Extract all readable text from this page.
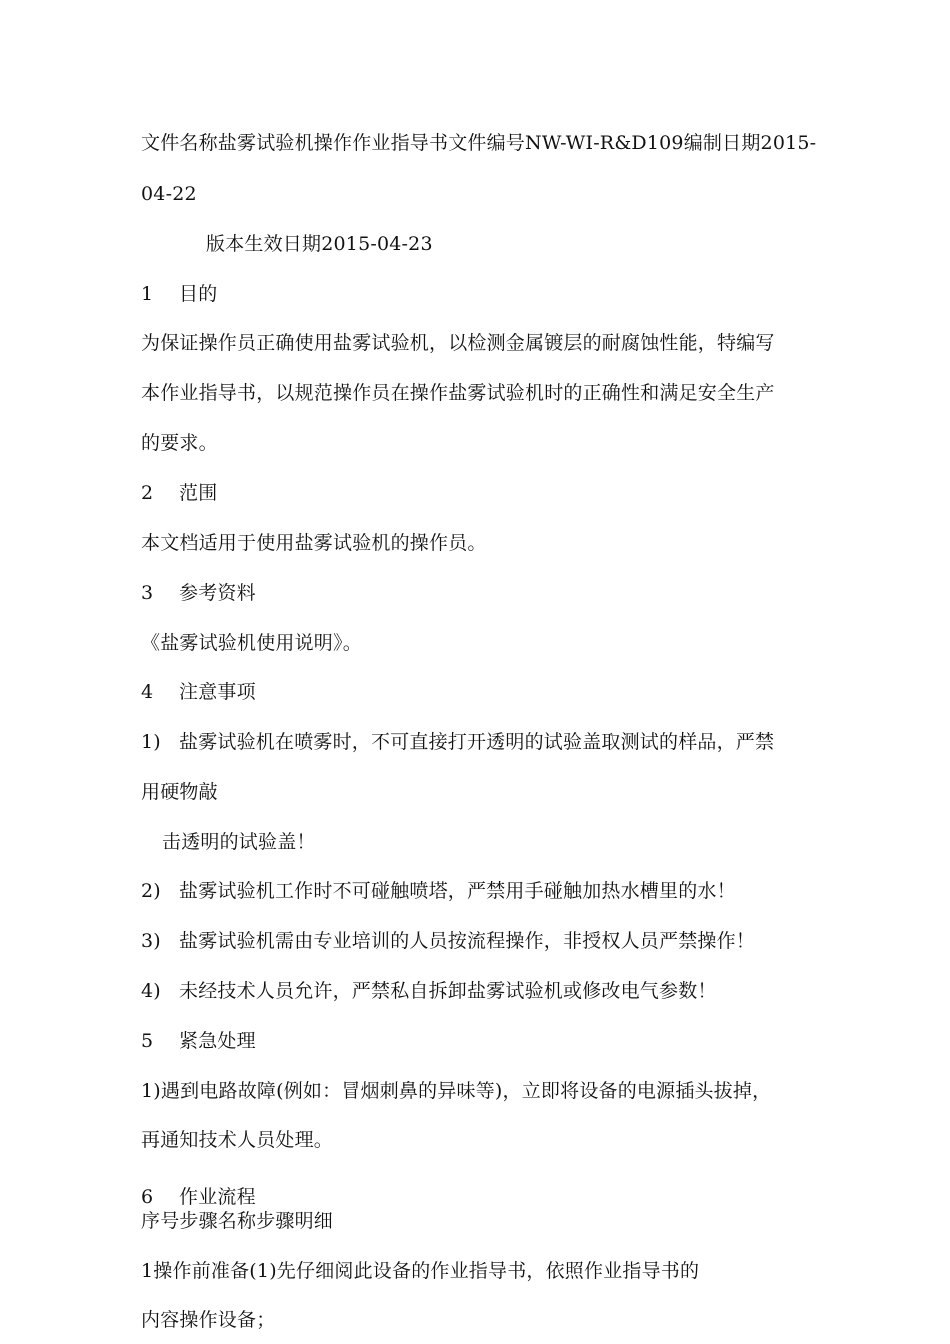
文件名称盐雾试验机操作作业指导书文件编号NW-WI-R&D109编制日期2015-
04-22
版本生效日期2015-04-23
1 目的
为保证操作员正确使用盐雾试验机，以检测金属镀层的耐腐蚀性能，特编写
本作业指导书，以规范操作员在操作盐雾试验机时的正确性和满足安全生产
的要求。
2 范围
本文档适用于使用盐雾试验机的操作员。
3 参考资料
《盐雾试验机使用说明》。
4 注意事项
1) 盐雾试验机在喷雾时，不可直接打开透明的试验盖取测试的样品，严禁
用硬物敲
击透明的试验盖！
2) 盐雾试验机工作时不可碰触喷塔，严禁用手碰触加热水槽里的水！
3) 盐雾试验机需由专业培训的人员按流程操作，非授权人员严禁操作！
4) 未经技术人员允许，严禁私自拆卸盐雾试验机或修改电气参数！
5 紧急处理
1)遇到电路故障(例如：冒烟刺鼻的异味等)，立即将设备的电源插头拔掉，
再通知技术人员处理。
6 作业流程
序号步骤名称步骤明细
1操作前准备(1)先仔细阅此设备的作业指导书，依照作业指导书的
内容操作设备；
